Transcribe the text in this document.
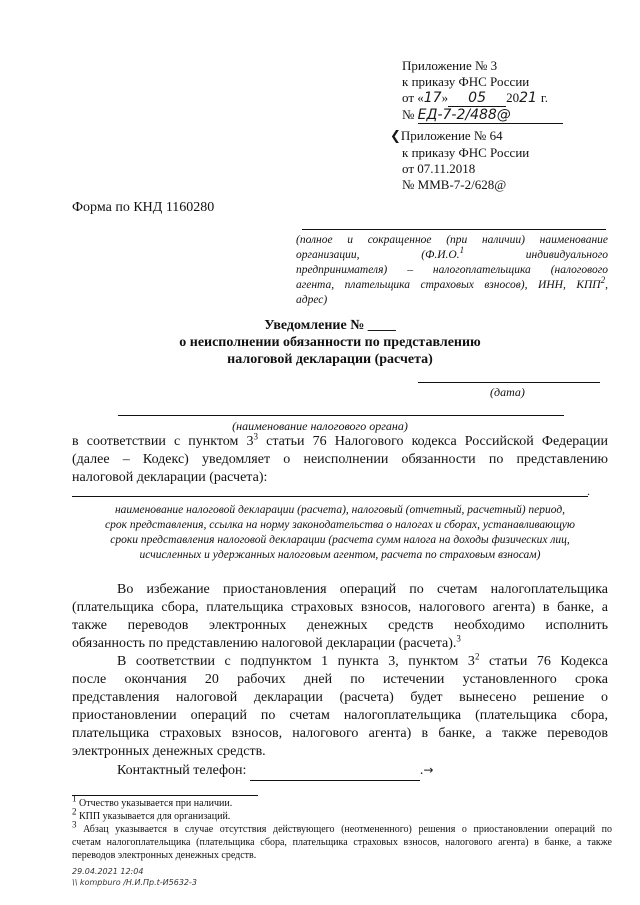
Приложение № 3
к приказу ФНС России
от «17» 05 2021 г.
№ ЕД-7-2/488@
❮Приложение № 64
к приказу ФНС России
от 07.11.2018
№ ММВ-7-2/628@
Форма по КНД 1160280
(полное и сокращенное (при наличии) наименование
организации, (Ф.И.О.$^1$	индивидуального
предпринимателя) – налогоплательщика (налогового
агента, плательщика страховых взносов), ИНН, КПП$^2$,
адрес)
Уведомление № ____
о неисполнении обязанности по представлению
налоговой декларации (расчета)
(дата)
(наименование налогового органа)
в соответствии с пунктом $3^3$ статьи 76 Налогового кодекса Российской Федерации
(далее – Кодекс) уведомляет о неисполнении обязанности по представлению
налоговой декларации (расчета):
.
наименование налоговой декларации (расчета), налоговый (отчетный, расчетный) период,
срок представления, ссылка на норму законодательства о налогах и сборах, устанавливающую
сроки представления налоговой декларации (расчета сумм налога на доходы физических лиц,
исчисленных и удержанных налоговым агентом, расчета по страховым взносам)
Во избежание приостановления операций по счетам налогоплательщика
(плательщика сбора, плательщика страховых взносов, налогового агента) в банке, а
также переводов электронных денежных средств необходимо исполнить
обязанность по представлению налоговой декларации (расчета).$^3$
В соответствии с подпунктом 1 пункта 3, пунктом $3^2$ статьи 76 Кодекса
после окончания 20 рабочих дней по истечении установленного срока
представления налоговой декларации (расчета) будет вынесено решение о
приостановлении операций по счетам налогоплательщика (плательщика сбора,
плательщика страховых взносов, налогового агента) в банке, а также переводов
электронных денежных средств.
Контактный телефон:	.→
$^1$ Отчество указывается при наличии.
$^2$ КПП указывается для организаций.
$^3$ Абзац указывается в случае отсутствия действующего (неотмененного) решения о приостановлении операций по
счетам налогоплательщика (плательщика сбора, плательщика страховых взносов, налогового агента) в банке, а также
переводов электронных денежных средств.
29.04.2021 12:04
\\ kompburo /Н.И.Пр.t-И5632-3
